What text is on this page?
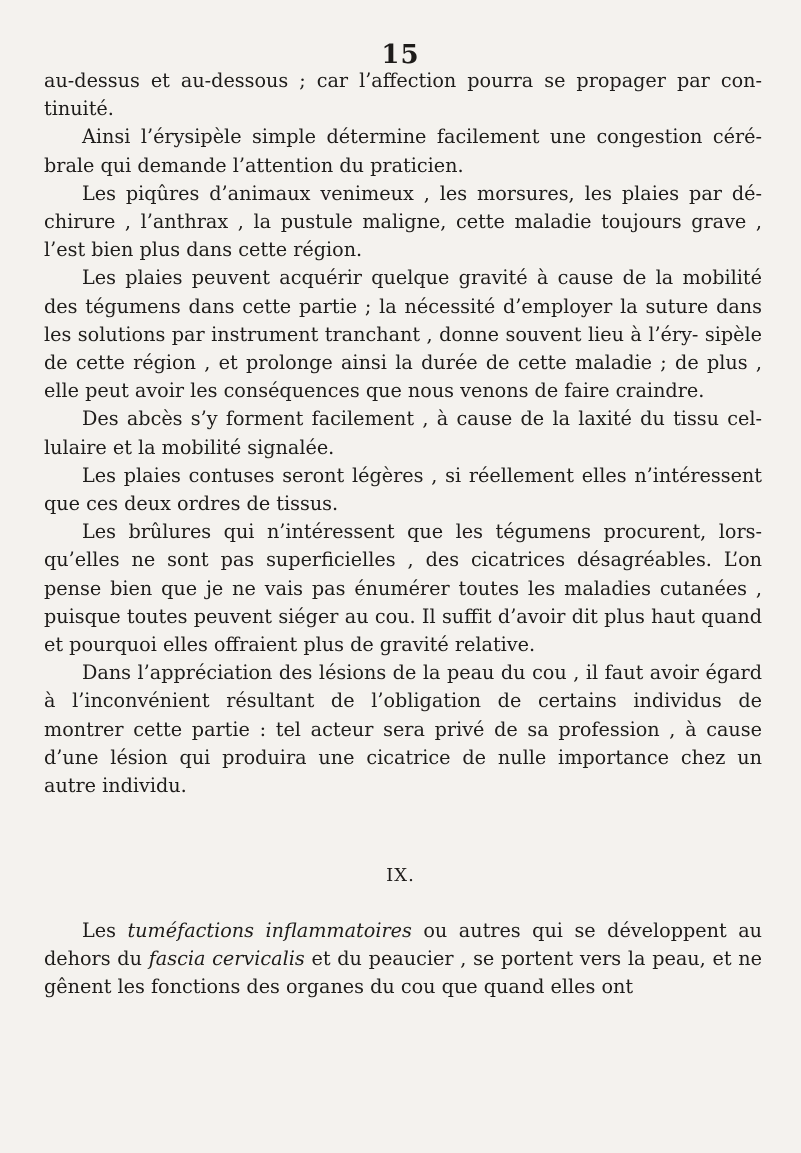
15

au-dessus et au-dessous ; car l’affection pourra se propager par con- tinuité.

Ainsi l’érysipèle simple détermine facilement une congestion céré- brale qui demande l’attention du praticien.

Les piqûres d’animaux venimeux , les morsures, les plaies par dé- chirure , l’anthrax , la pustule maligne, cette maladie toujours grave , l’est bien plus dans cette région.

Les plaies peuvent acquérir quelque gravité à cause de la mobilité des tégumens dans cette partie ; la nécessité d’employer la suture dans les solutions par instrument tranchant , donne souvent lieu à l’éry- sipèle de cette région , et prolonge ainsi la durée de cette maladie ; de plus , elle peut avoir les conséquences que nous venons de faire craindre.

Des abcès s’y forment facilement , à cause de la laxité du tissu cel- lulaire et la mobilité signalée.

Les plaies contuses seront légères , si réellement elles n’intéressent que ces deux ordres de tissus.

Les brûlures qui n’intéressent que les tégumens procurent, lors- qu’elles ne sont pas superficielles , des cicatrices désagréables. L’on pense bien que je ne vais pas énumérer toutes les maladies cutanées , puisque toutes peuvent siéger au cou. Il suffit d’avoir dit plus haut quand et pourquoi elles offraient plus de gravité relative.

Dans l’appréciation des lésions de la peau du cou , il faut avoir égard à l’inconvénient résultant de l’obligation de certains individus de montrer cette partie : tel acteur sera privé de sa profession , à cause d’une lésion qui produira une cicatrice de nulle importance chez un autre individu.

IX.

Les tuméfactions inflammatoires ou autres qui se développent au dehors du fascia cervicalis et du peaucier , se portent vers la peau, et ne gênent les fonctions des organes du cou que quand elles ont
